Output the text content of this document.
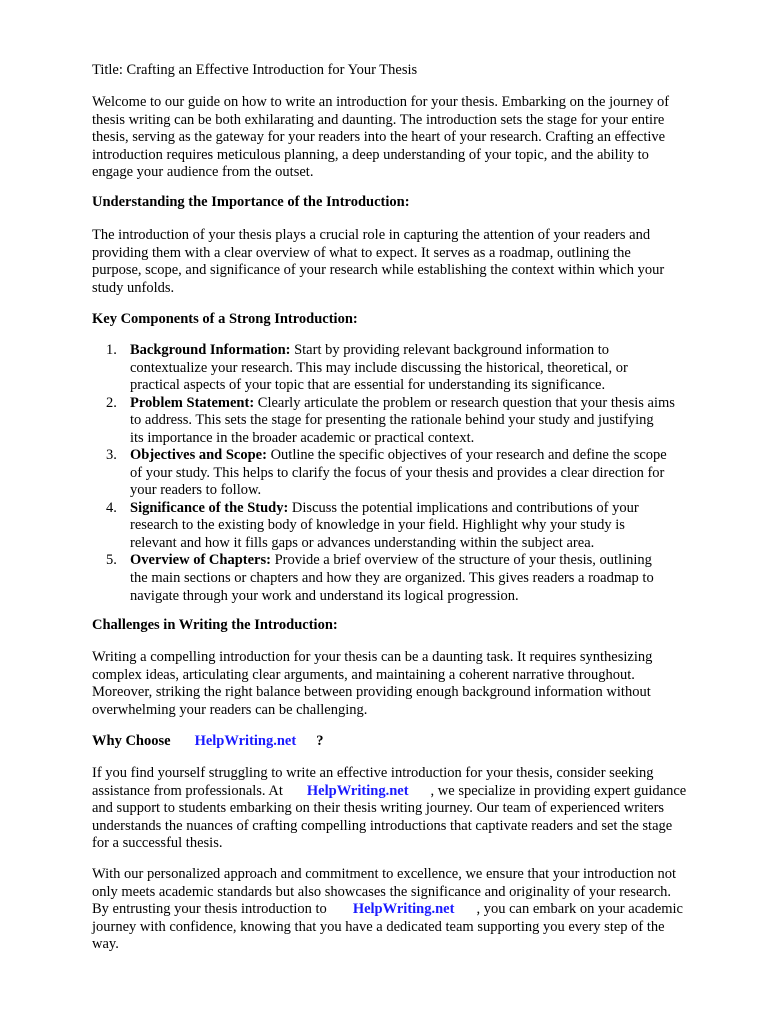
Title: Crafting an Effective Introduction for Your Thesis

Welcome to our guide on how to write an introduction for your thesis. Embarking on the journey of
thesis writing can be both exhilarating and daunting. The introduction sets the stage for your entire
thesis, serving as the gateway for your readers into the heart of your research. Crafting an effective
introduction requires meticulous planning, a deep understanding of your topic, and the ability to
engage your audience from the outset.

Understanding the Importance of the Introduction:

The introduction of your thesis plays a crucial role in capturing the attention of your readers and
providing them with a clear overview of what to expect. It serves as a roadmap, outlining the
purpose, scope, and significance of your research while establishing the context within which your
study unfolds.

Key Components of a Strong Introduction:

1. Background Information: Start by providing relevant background information to
contextualize your research. This may include discussing the historical, theoretical, or
practical aspects of your topic that are essential for understanding its significance.
2. Problem Statement: Clearly articulate the problem or research question that your thesis aims
to address. This sets the stage for presenting the rationale behind your study and justifying
its importance in the broader academic or practical context.
3. Objectives and Scope: Outline the specific objectives of your research and define the scope
of your study. This helps to clarify the focus of your thesis and provides a clear direction for
your readers to follow.
4. Significance of the Study: Discuss the potential implications and contributions of your
research to the existing body of knowledge in your field. Highlight why your study is
relevant and how it fills gaps or advances understanding within the subject area.
5. Overview of Chapters: Provide a brief overview of the structure of your thesis, outlining
the main sections or chapters and how they are organized. This gives readers a roadmap to
navigate through your work and understand its logical progression.

Challenges in Writing the Introduction:

Writing a compelling introduction for your thesis can be a daunting task. It requires synthesizing
complex ideas, articulating clear arguments, and maintaining a coherent narrative throughout.
Moreover, striking the right balance between providing enough background information without
overwhelming your readers can be challenging.

Why Choose HelpWriting.net ?

If you find yourself struggling to write an effective introduction for your thesis, consider seeking
assistance from professionals. At HelpWriting.net , we specialize in providing expert guidance
and support to students embarking on their thesis writing journey. Our team of experienced writers
understands the nuances of crafting compelling introductions that captivate readers and set the stage
for a successful thesis.

With our personalized approach and commitment to excellence, we ensure that your introduction not
only meets academic standards but also showcases the significance and originality of your research.
By entrusting your thesis introduction to HelpWriting.net , you can embark on your academic
journey with confidence, knowing that you have a dedicated team supporting you every step of the
way.
